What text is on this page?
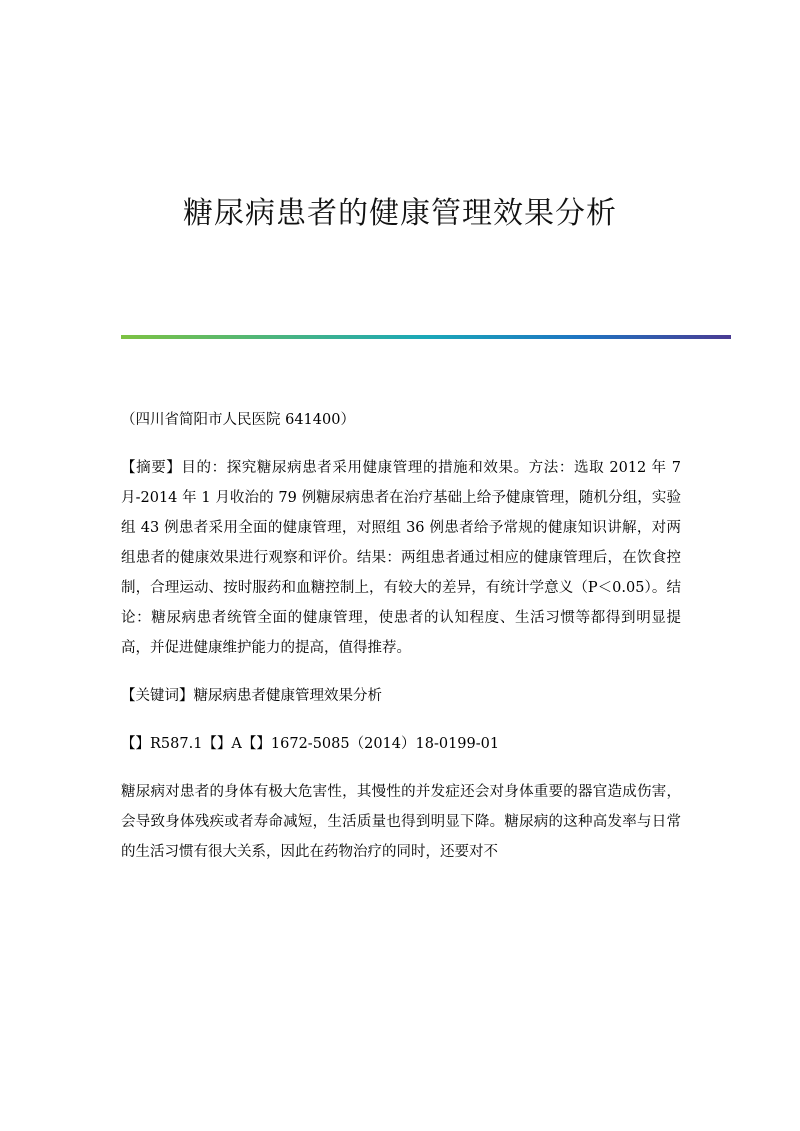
糖尿病患者的健康管理效果分析

（四川省简阳市人民医院 641400）

【摘要】目的：探究糖尿病患者采用健康管理的措施和效果。方法：选取 2012 年 7 月-2014 年 1 月收治的 79 例糖尿病患者在治疗基础上给予健康管理，随机分组，实验组 43 例患者采用全面的健康管理，对照组 36 例患者给予常规的健康知识讲解，对两组患者的健康效果进行观察和评价。结果：两组患者通过相应的健康管理后，在饮食控制，合理运动、按时服药和血糖控制上，有较大的差异，有统计学意义（P＜0.05）。结论：糖尿病患者统管全面的健康管理，使患者的认知程度、生活习惯等都得到明显提高，并促进健康维护能力的提高，值得推荐。

【关键词】糖尿病患者健康管理效果分析

【】R587.1【】A【】1672-5085（2014）18-0199-01

糖尿病对患者的身体有极大危害性，其慢性的并发症还会对身体重要的器官造成伤害，会导致身体残疾或者寿命减短，生活质量也得到明显下降。糖尿病的这种高发率与日常的生活习惯有很大关系，因此在药物治疗的同时，还要对不
